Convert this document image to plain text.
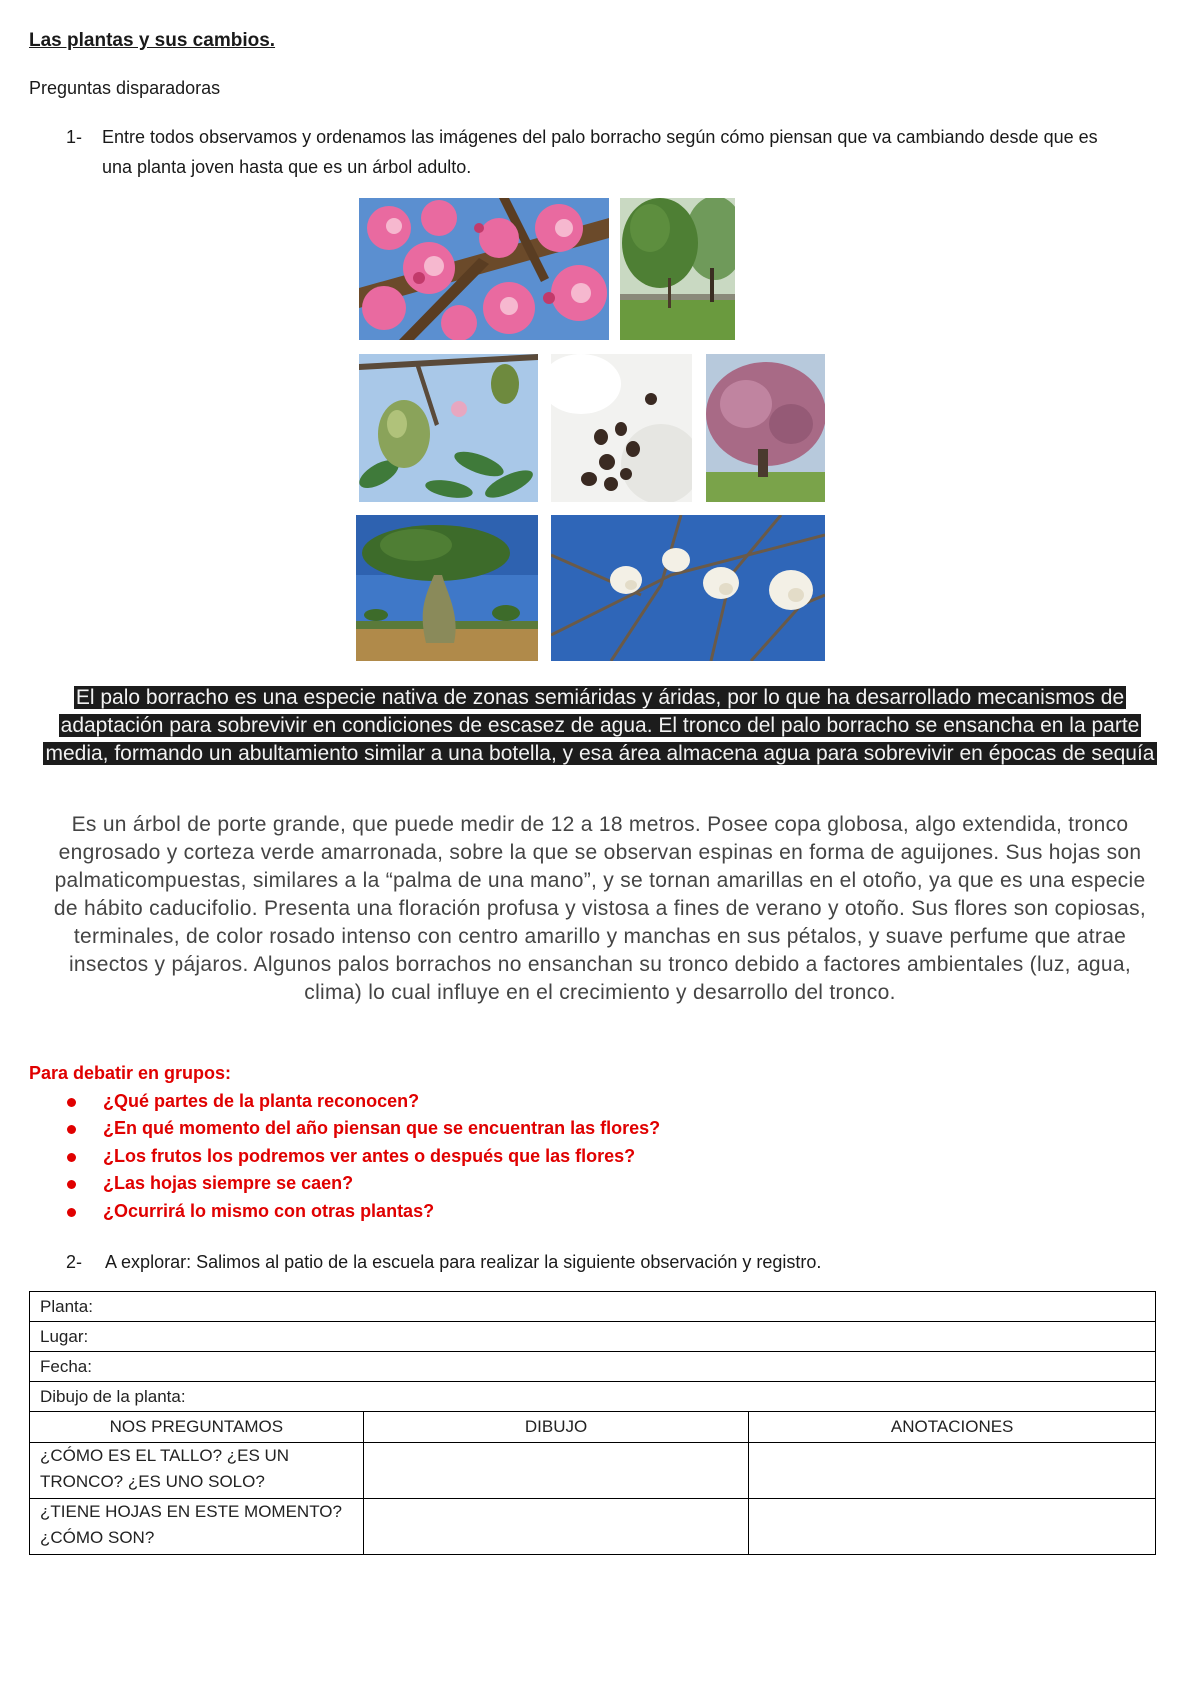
Las plantas y sus cambios.
Preguntas disparadoras
1- Entre todos observamos y ordenamos las imágenes del palo borracho según cómo piensan que va cambiando desde que es una planta joven hasta que es un árbol adulto.
El palo borracho es una especie nativa de zonas semiáridas y áridas, por lo que ha desarrollado mecanismos de adaptación para sobrevivir en condiciones de escasez de agua. El tronco del palo borracho se ensancha en la parte media, formando un abultamiento similar a una botella, y esa área almacena agua para sobrevivir en épocas de sequía
Es un árbol de porte grande, que puede medir de 12 a 18 metros. Posee copa globosa, algo extendida, tronco engrosado y corteza verde amarronada, sobre la que se observan espinas en forma de aguijones. Sus hojas son palmaticompuestas, similares a la “palma de una mano”, y se tornan amarillas en el otoño, ya que es una especie de hábito caducifolio. Presenta una floración profusa y vistosa a fines de verano y otoño. Sus flores son copiosas, terminales, de color rosado intenso con centro amarillo y manchas en sus pétalos, y suave perfume que atrae insectos y pájaros. Algunos palos borrachos no ensanchan su tronco debido a factores ambientales (luz, agua, clima) lo cual influye en el crecimiento y desarrollo del tronco.
Para debatir en grupos:
¿Qué partes de la planta reconocen?
¿En qué momento del año piensan que se encuentran las flores?
¿Los frutos los podremos ver antes o después que las flores?
¿Las hojas siempre se caen?
¿Ocurrirá lo mismo con otras plantas?
2- A explorar: Salimos al patio de la escuela para realizar la siguiente observación y registro.
Planta:		
Lugar:		
Fecha:		
Dibujo de la planta:		
NOS PREGUNTAMOS	DIBUJO	ANOTACIONES
¿CÓMO ES EL TALLO? ¿ES UN TRONCO? ¿ES UNO SOLO?		
¿TIENE HOJAS EN ESTE MOMENTO? ¿CÓMO SON?		
